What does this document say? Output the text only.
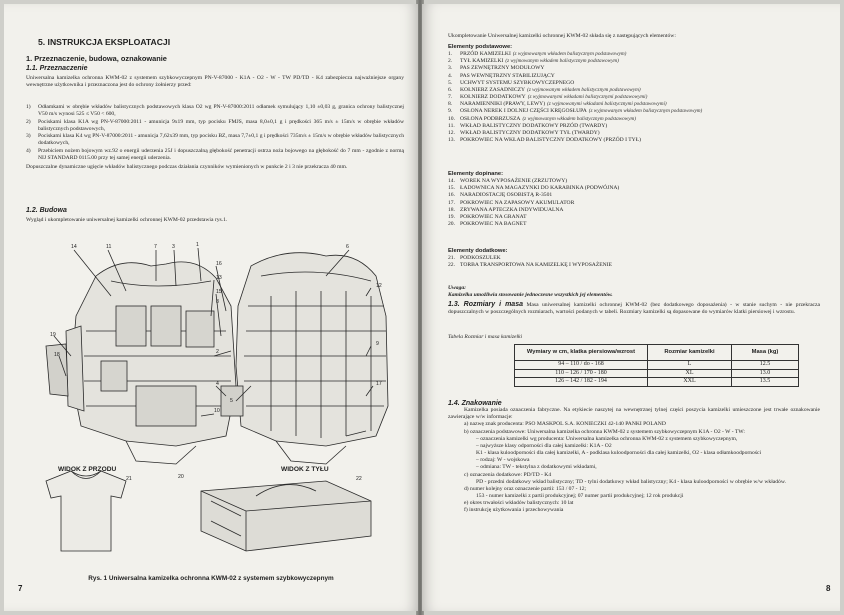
5. INSTRUKCJA EKSPLOATACJI
1. Przeznaczenie, budowa, oznakowanie
1.1. Przeznaczenie
Uniwersalna kamizelka ochronna KWM-02 z systemem szybkowyczepnym PN-V-87000 - K1A - O2 - W - TW PD/TD - K4 zabezpiecza najważniejsze organy wewnętrzne użytkownika i przeznaczona jest do ochrony żołnierzy przed:
1)	Odłamkami w obrębie wkładów balistycznych podstawowych klasa O2 wg PN-V-87000:2011 odłamek symulujący 1,10 ±0,03 g, granica ochrony balistycznej V50 m/s wynosi 525 ≤ V50 < 600,
2)	Pociskami klasa K1A wg PN-V-87000:2011 - amunicja 9x19 mm, typ pocisku FMJS, masa 8,0±0,1 g i prędkości 365 m/s ± 15m/s w obrębie wkładów balistycznych podstawowych,
3)	Pociskami klasa K4 wg PN-V-87000:2011 - amunicja 7,62x39 mm, typ pocisku BZ, masa 7,7±0,1 g i prędkości 735m/s ± 15m/s w obrębie wkładów balistycznych dodatkowych,
4)	Przebiciem nożem bojowym wz.92 o energii uderzenia 25J i dopuszczalną głębokość penetracji ostrza noża bojowego na głębokość do 7 mm - zgodnie z normą NIJ STANDARD 0115.00 przy tej samej energii uderzenia.
Dopuszczalne dynamiczne ugięcie wkładów balistycznego podczas działania czynników wymienionych w punkcie 2 i 3 nie przekracza 40 mm.
1.2. Budowa
Wygląd i ukompletowanie uniwersalnej kamizelki ochronnej KWM-02 przedstawia rys.1.
14	11	7	3	1
16
13
15
8
19
18	2
4
10
9
17
12
5
20
6
22
21
WIDOK Z PRZODU	WIDOK Z TYŁU
Rys. 1 Uniwersalna kamizelka ochronna KWM-02 z systemem szybkowyczepnym
7
Ukompletowanie Uniwersalnej kamizelki ochronnej KWM-02 składa się z następujących elementów:
Elementy podstawowe:
1.	PRZÓD KAMIZELKI (z wyjmowanym wkładem balistycznym podstawowym)
2.	TYŁ KAMIZELKI (z wyjmowanym wkładem balistycznym podstawowym)
3.	PAS ZEWNĘTRZNY MODUŁOWY
4.	PAS WEWNĘTRZNY STABILIZUJĄCY
5.	UCHWYT SYSTEMU SZYBKOWYCZEPNEGO
6.	KOŁNIERZ ZASADNICZY (z wyjmowanym wkładem balistycznym podstawowym)
7.	KOŁNIERZ DODATKOWY (z wyjmowanymi wkładami balistycznymi podstawowymi)
8.	NARAMIENNIKI (PRAWY, LEWY) (z wyjmowanymi wkładami balistycznymi podstawowymi)
9.	OSŁONA NEREK I DOLNEJ CZĘŚCI KRĘGOSŁUPA (z wyjmowanym wkładem balistycznym podstawowym)
10. OSŁONA PODBRZUSZA (z wyjmowanym wkładem balistycznym podstawowym)
11. WKŁAD BALISTYCZNY DODATKOWY PRZÓD (TWARDY)
12. WKŁAD BALISTYCZNY DODATKOWY TYŁ (TWARDY)
13. POKROWIEC NA WKŁAD BALISTYCZNY DODATKOWY (PRZÓD I TYŁ)
Elementy dopinane:
14. WOREK NA WYPOSAŻENIE (ZRZUTOWY)
15. ŁADOWNICA NA MAGAZYNKI DO KARABINKA (PODWÓJNA)
16. NARADIOSTACJĘ OSOBISTĄ R-3501
17. POKROWIEC NA ZAPASOWY AKUMULATOR
18. ZRYWANA APTECZKA INDYWIDUALNA
19. POKROWIEC NA GRANAT
20. POKROWIEC NA BAGNET
Elementy dodatkowe:
21. PODKOSZULEK
22. TORBA TRANSPORTOWA NA KAMIZELKĘ I WYPOSAŻENIE
Uwaga:
Kamizelka umożliwia stosowanie jednoczesne wszystkich jej elementów.
1.3. Rozmiary i masa Masa uniwersalnej kamizelki ochronnej KWM-02 (bez dodatkowego doposażenia) - w stanie suchym - nie przekracza dopuszczalnych w poszczególnych rozmiarach, wartości podanych w tabeli. Rozmiary kamizelki są dopasowane do wymiarów klatki piersiowej i wzrostu.
Tabela Rozmiar i masa kamizelki
Wymiary w cm, klatka piersiowa/wzrost	Rozmiar kamizelki	Masa (kg)
94 – 110 / do - 168	L	12.5
110 – 126 / 170 - 180	XL	13.0
126 – 142 / 182 - 194	XXL	13.5
1.4. Znakowanie
Kamizelka posiada oznaczenia fabryczne. Na etykiecie naszytej na wewnętrznej tylnej części poszycia kamizelki umieszczone jest trwałe oznakowanie zawierające w/w informacje:
a) nazwę znak producenta: PSO MASKPOL S.A. KONIECZKI 42-140 PANKI POLAND
b) oznaczenia podstawowe: Uniwersalna kamizelka ochronna KWM-02 z systemem szybkowyczepnym K1A - O2 - W - TW:
– oznaczenia kamizelki wg producenta: Uniwersalna kamizelka ochronna KWM-02 z systemem szybkowyczepnym,
– najwyższe klasy odporności dla całej kamizelki: K1A - O2
K1 - klasa kuloodporności dla całej kamizelki, A - podklasa kuloodporności dla całej kamizelki, O2 - klasa odłamkoodporności
– rodzaj: W - wojskowa
– odmiana: TW - tekstylna z dodatkowymi wkładami,
c) oznaczenia dodatkowe: PD/TD - K4
PD - przedni dodatkowy wkład balistyczny; TD - tylni dodatkowy wkład balistyczny; K4 - klasa kuloodporności w obrębie w/w wkładów.
d) numer kolejny oraz oznaczenie partii: 153 / 07 - 12;
153 - numer kamizelki z partii produkcyjnej; 07 numer partii produkcyjnej; 12 rok produkcji
e) okres trwałości wkładów balistycznych: 10 lat
f) instrukcję użytkowania i przechowywania
8
